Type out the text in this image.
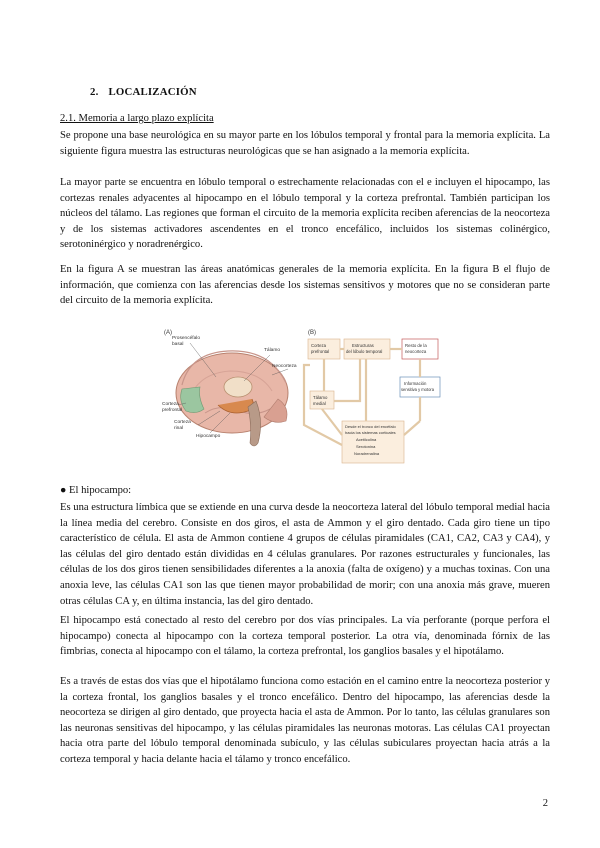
2. LOCALIZACIÓN
2.1. Memoria a largo plazo explícita

Se propone una base neurológica en su mayor parte en los lóbulos temporal y frontal para la memoria explícita. La siguiente figura muestra las estructuras neurológicas que se han asignado a la memoria explícita.

La mayor parte se encuentra en lóbulo temporal o estrechamente relacionadas con el e incluyen el hipocampo, las cortezas renales adyacentes al hipocampo en el lóbulo temporal y la corteza prefrontal. También participan los núcleos del tálamo. Las regiones que forman el circuito de la memoria explícita reciben aferencias de la neocorteza y de los sistemas activadores ascendentes en el tronco encefálico, incluidos los sistemas colinérgico, serotoninérgico y noradrenérgico.

En la figura A se muestran las áreas anatómicas generales de la memoria explícita. En la figura B el flujo de información, que comienza con las aferencias desde los sistemas sensitivos y motores que no se consideran parte del circuito de la memoria explícita.

(A)
Prosencéfalo
basal
Tálamo
Neocorteza
Corteza
prefrontal
Corteza
rinal
Hipocampo
(B)
Corteza
prefrontal
Estructuras
del lóbulo temporal
Resto de la
neocorteza
Información
sensitiva y motora
Tálamo
medial
Desde el tronco del encéfalo
hacia los sistemas corticales
Acetilcolina
Serotonina
Noradrenalina
● El hipocampo:

Es una estructura límbica que se extiende en una curva desde la neocorteza lateral del lóbulo temporal medial hacia la línea media del cerebro. Consiste en dos giros, el asta de Ammon y el giro dentado. Cada giro tiene un tipo característico de célula. El asta de Ammon contiene 4 grupos de células piramidales (CA1, CA2, CA3 y CA4), y las células del giro dentado están divididas en 4 células granulares. Por razones estructurales y funcionales, las células de los dos giros tienen sensibilidades diferentes a la anoxia (falta de oxígeno) y a muchas toxinas. Con una anoxia leve, las células CA1 son las que tienen mayor probabilidad de morir; con una anoxia más grave, mueren otras células CA y, en última instancia, las del giro dentado.

El hipocampo está conectado al resto del cerebro por dos vías principales. La vía perforante (porque perfora el hipocampo) conecta al hipocampo con la corteza temporal posterior. La otra vía, denominada fórnix de las fimbrias, conecta al hipocampo con el tálamo, la corteza prefrontal, los ganglios basales y el hipotálamo.

Es a través de estas dos vías que el hipotálamo funciona como estación en el camino entre la neocorteza posterior y la corteza frontal, los ganglios basales y el tronco encefálico. Dentro del hipocampo, las aferencias desde la neocorteza se dirigen al giro dentado, que proyecta hacia el asta de Ammon. Por lo tanto, las células granulares son las neuronas sensitivas del hipocampo, y las células piramidales las neuronas motoras. Las células CA1 proyectan hacia otra parte del lóbulo temporal denominada subículo, y las células subiculares proyectan hacia atrás a la corteza temporal y hacia delante hacia el tálamo y tronco encefálico.

2
